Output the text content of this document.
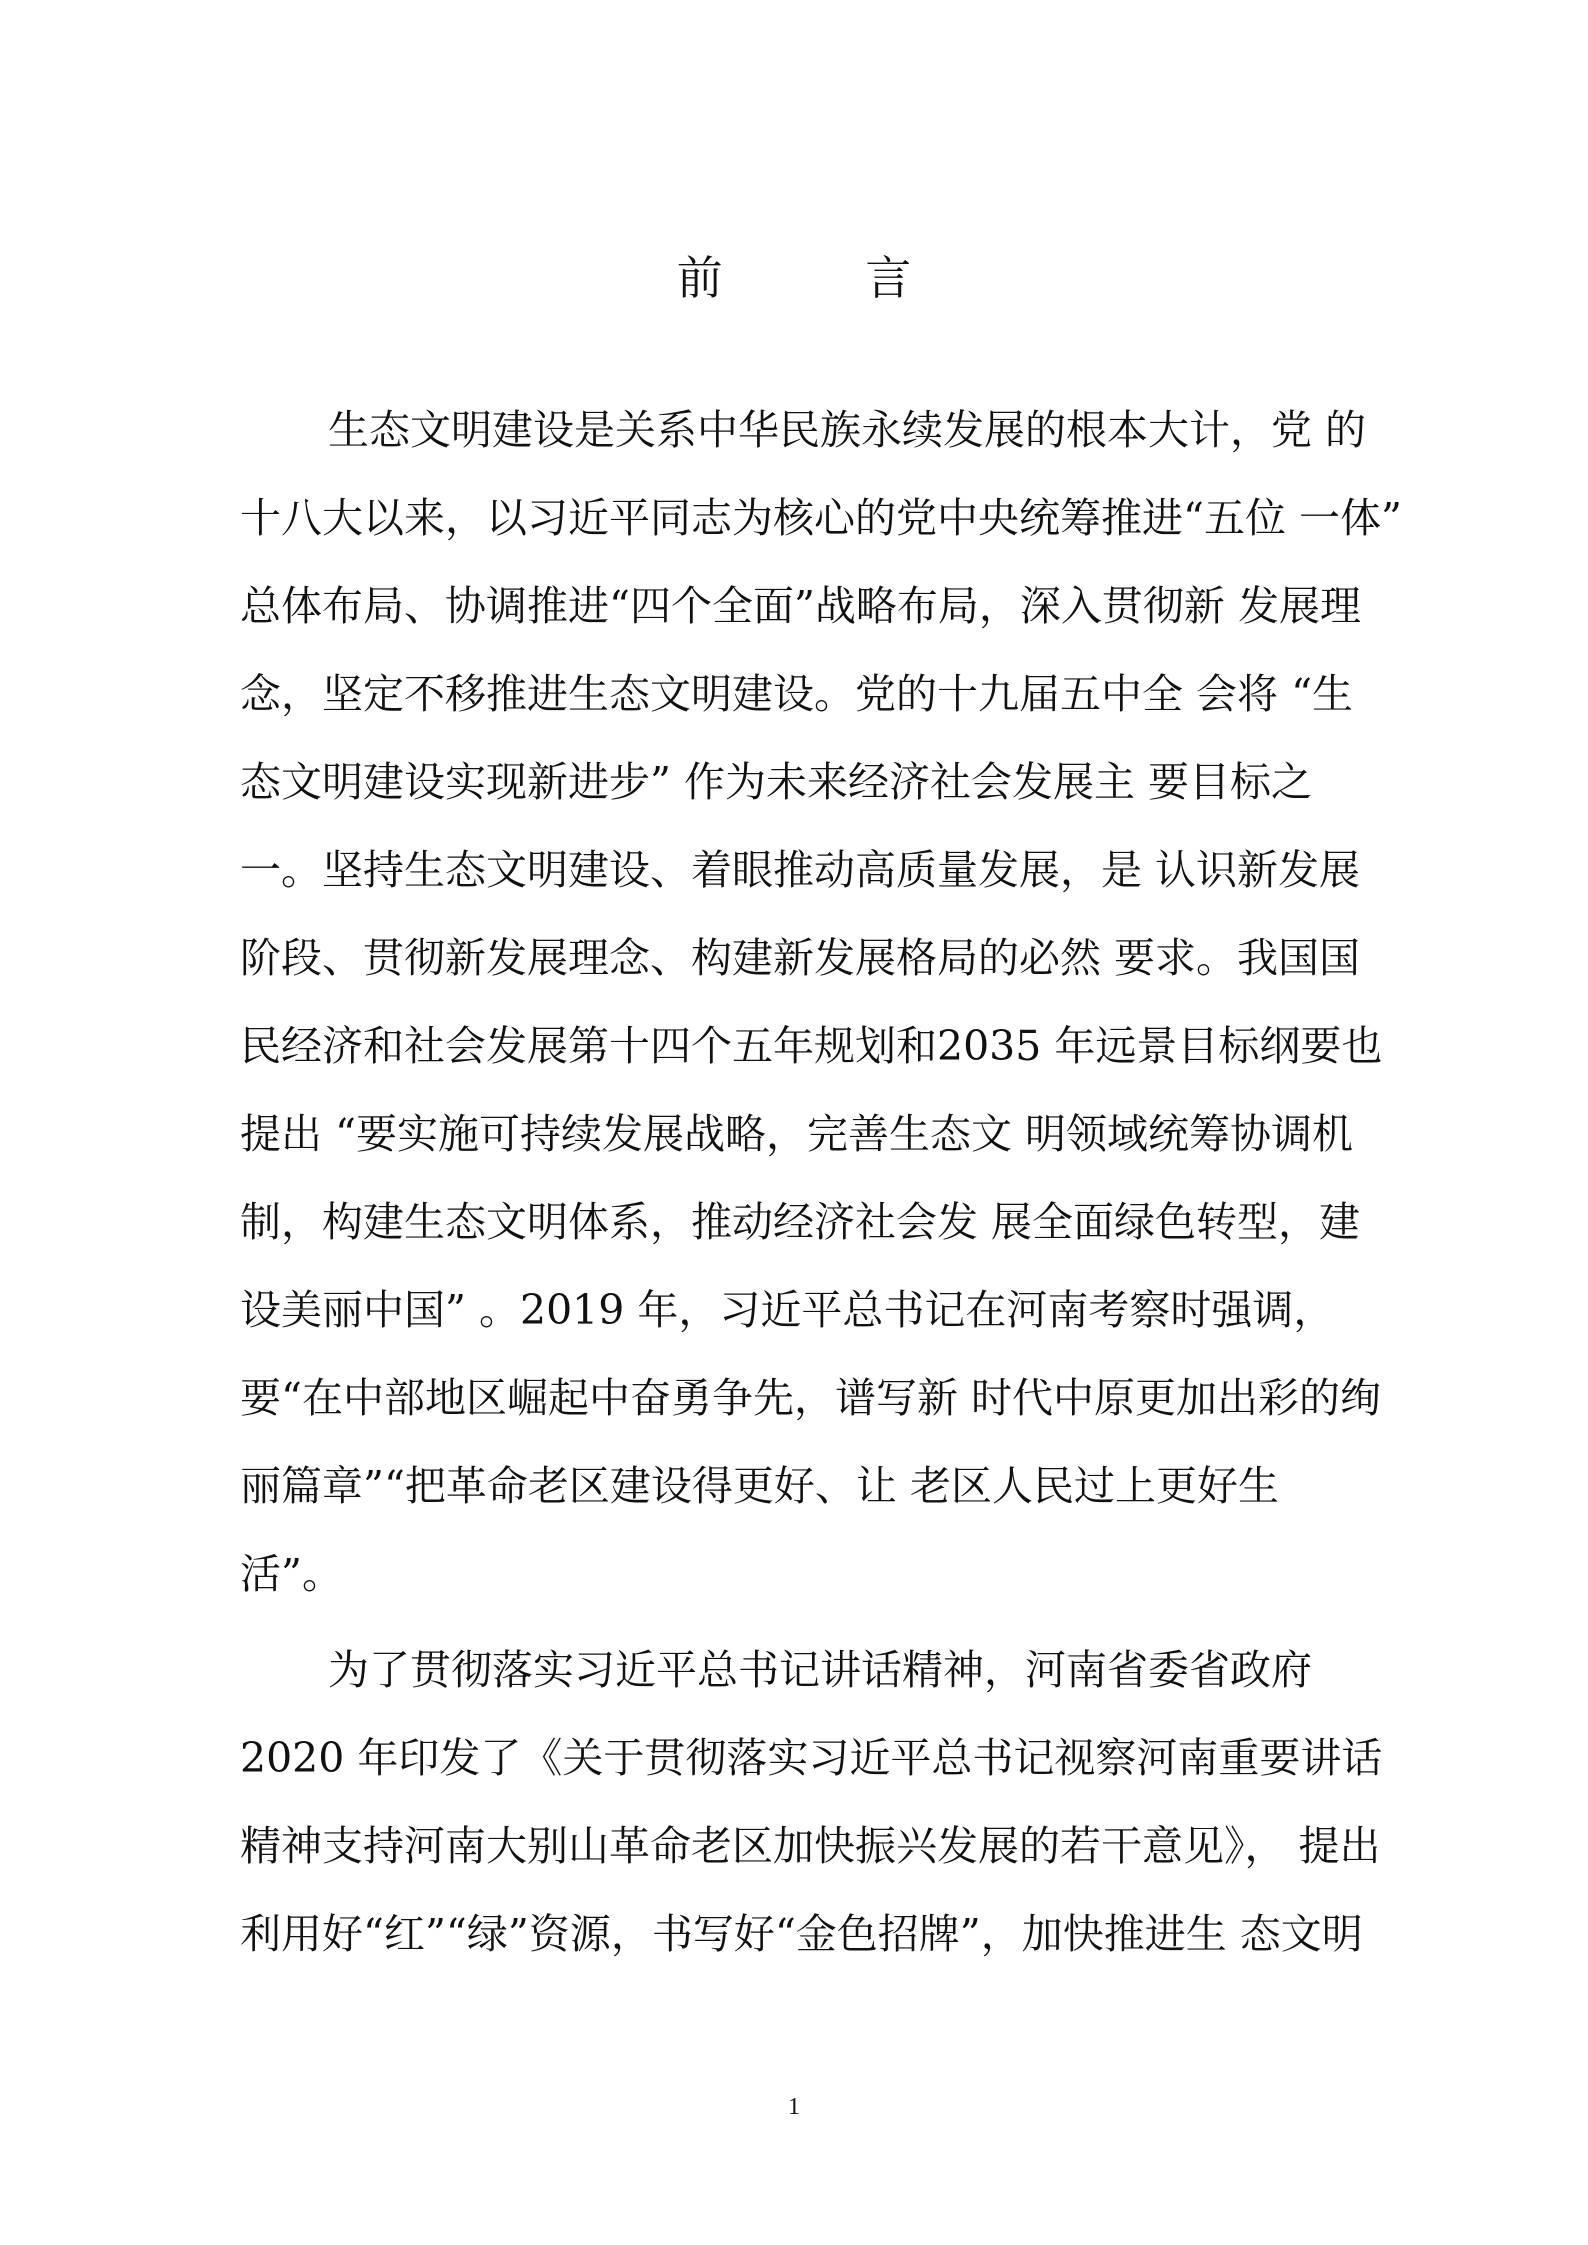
前 言
生态文明建设是关系中华民族永续发展的根本大计，党 的
十八大以来，以习近平同志为核心的党中央统筹推进“五位 一体”
总体布局、协调推进“四个全面”战略布局，深入贯彻新 发展理
念，坚定不移推进生态文明建设。党的十九届五中全 会将 “生
态文明建设实现新进步” 作为未来经济社会发展主 要目标之
一。坚持生态文明建设、着眼推动高质量发展，是 认识新发展
阶段、贯彻新发展理念、构建新发展格局的必然 要求。我国国
民经济和社会发展第十四个五年规划和2035 年远景目标纲要也
提出 “要实施可持续发展战略，完善生态文 明领域统筹协调机
制，构建生态文明体系，推动经济社会发 展全面绿色转型，建
设美丽中国” 。2019 年，习近平总书记在河南考察时强调，
要“在中部地区崛起中奋勇争先，谱写新 时代中原更加出彩的绚
丽篇章”“把革命老区建设得更好、让 老区人民过上更好生
活”。
为了贯彻落实习近平总书记讲话精神，河南省委省政府
2020 年印发了《关于贯彻落实习近平总书记视察河南重要讲话
精神支持河南大别山革命老区加快振兴发展的若干意见》， 提出
利用好“红”“绿”资源，书写好“金色招牌”，加快推进生 态文明
1
